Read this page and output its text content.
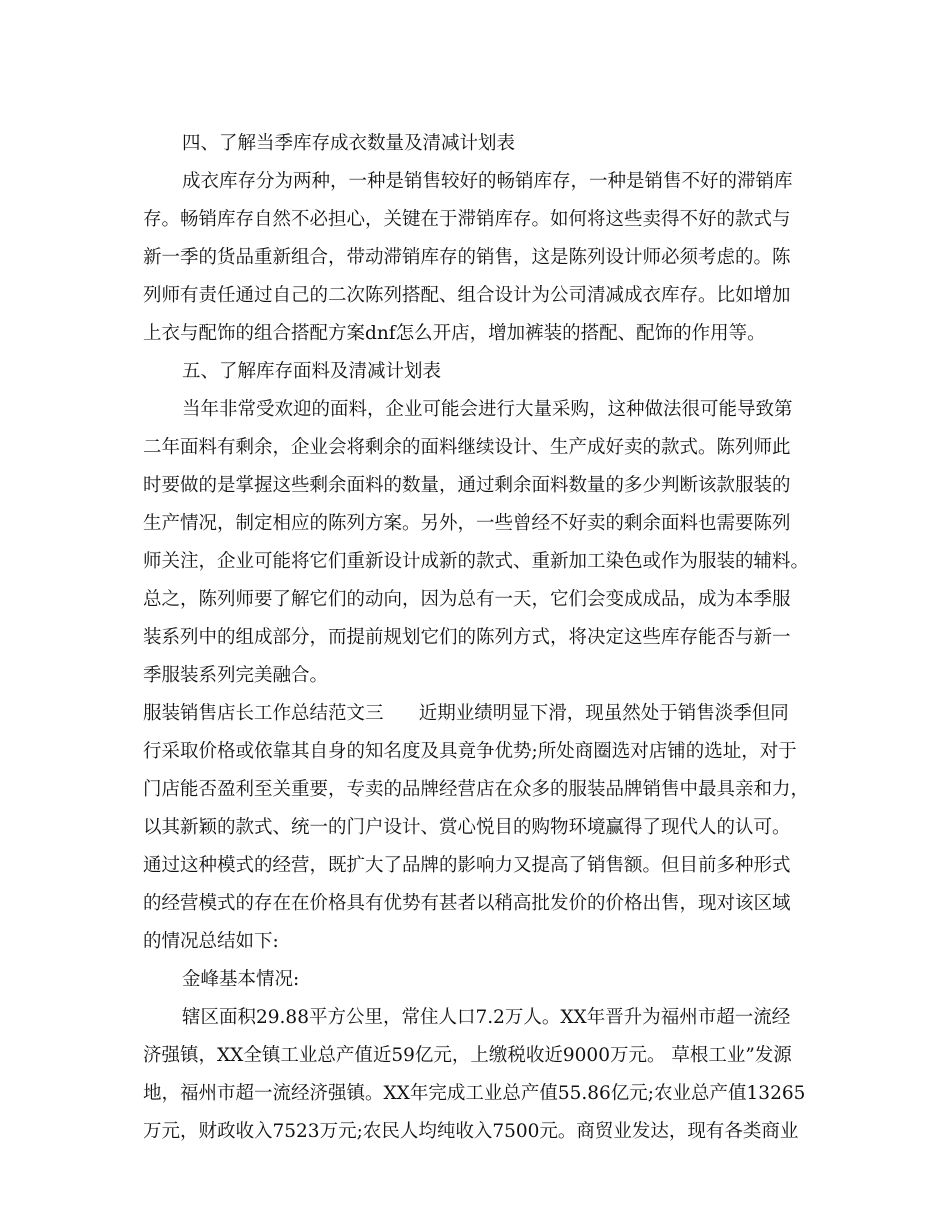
四、了解当季库存成衣数量及清减计划表
成衣库存分为两种，一种是销售较好的畅销库存，一种是销售不好的滞销库
存。畅销库存自然不必担心，关键在于滞销库存。如何将这些卖得不好的款式与
新一季的货品重新组合，带动滞销库存的销售，这是陈列设计师必须考虑的。陈
列师有责任通过自己的二次陈列搭配、组合设计为公司清减成衣库存。比如增加
上衣与配饰的组合搭配方案dnf怎么开店，增加裤装的搭配、配饰的作用等。
五、了解库存面料及清减计划表
当年非常受欢迎的面料，企业可能会进行大量采购，这种做法很可能导致第
二年面料有剩余，企业会将剩余的面料继续设计、生产成好卖的款式。陈列师此
时要做的是掌握这些剩余面料的数量，通过剩余面料数量的多少判断该款服装的
生产情况，制定相应的陈列方案。另外，一些曾经不好卖的剩余面料也需要陈列
师关注，企业可能将它们重新设计成新的款式、重新加工染色或作为服装的辅料。
总之，陈列师要了解它们的动向，因为总有一天，它们会变成成品，成为本季服
装系列中的组成部分，而提前规划它们的陈列方式，将决定这些库存能否与新一
季服装系列完美融合。
服装销售店长工作总结范文三      近期业绩明显下滑，现虽然处于销售淡季但同
行采取价格或依靠其自身的知名度及具竟争优势;所处商圈选对店铺的选址，对于
门店能否盈利至关重要，专卖的品牌经营店在众多的服装品牌销售中最具亲和力，
以其新颖的款式、统一的门户设计、赏心悦目的购物环境赢得了现代人的认可。
通过这种模式的经营，既扩大了品牌的影响力又提高了销售额。但目前多种形式
的经营模式的存在在价格具有优势有甚者以稍高批发价的价格出售，现对该区域
的情况总结如下:
金峰基本情况:
辖区面积29.88平方公里，常住人口7.2万人。XX年晋升为福州市超一流经
济强镇，XX全镇工业总产值近59亿元，上缴税收近9000万元。 草根工业”发源
地，福州市超一流经济强镇。XX年完成工业总产值55.86亿元;农业总产值13265
万元，财政收入7523万元;农民人均纯收入7500元。商贸业发达，现有各类商业
